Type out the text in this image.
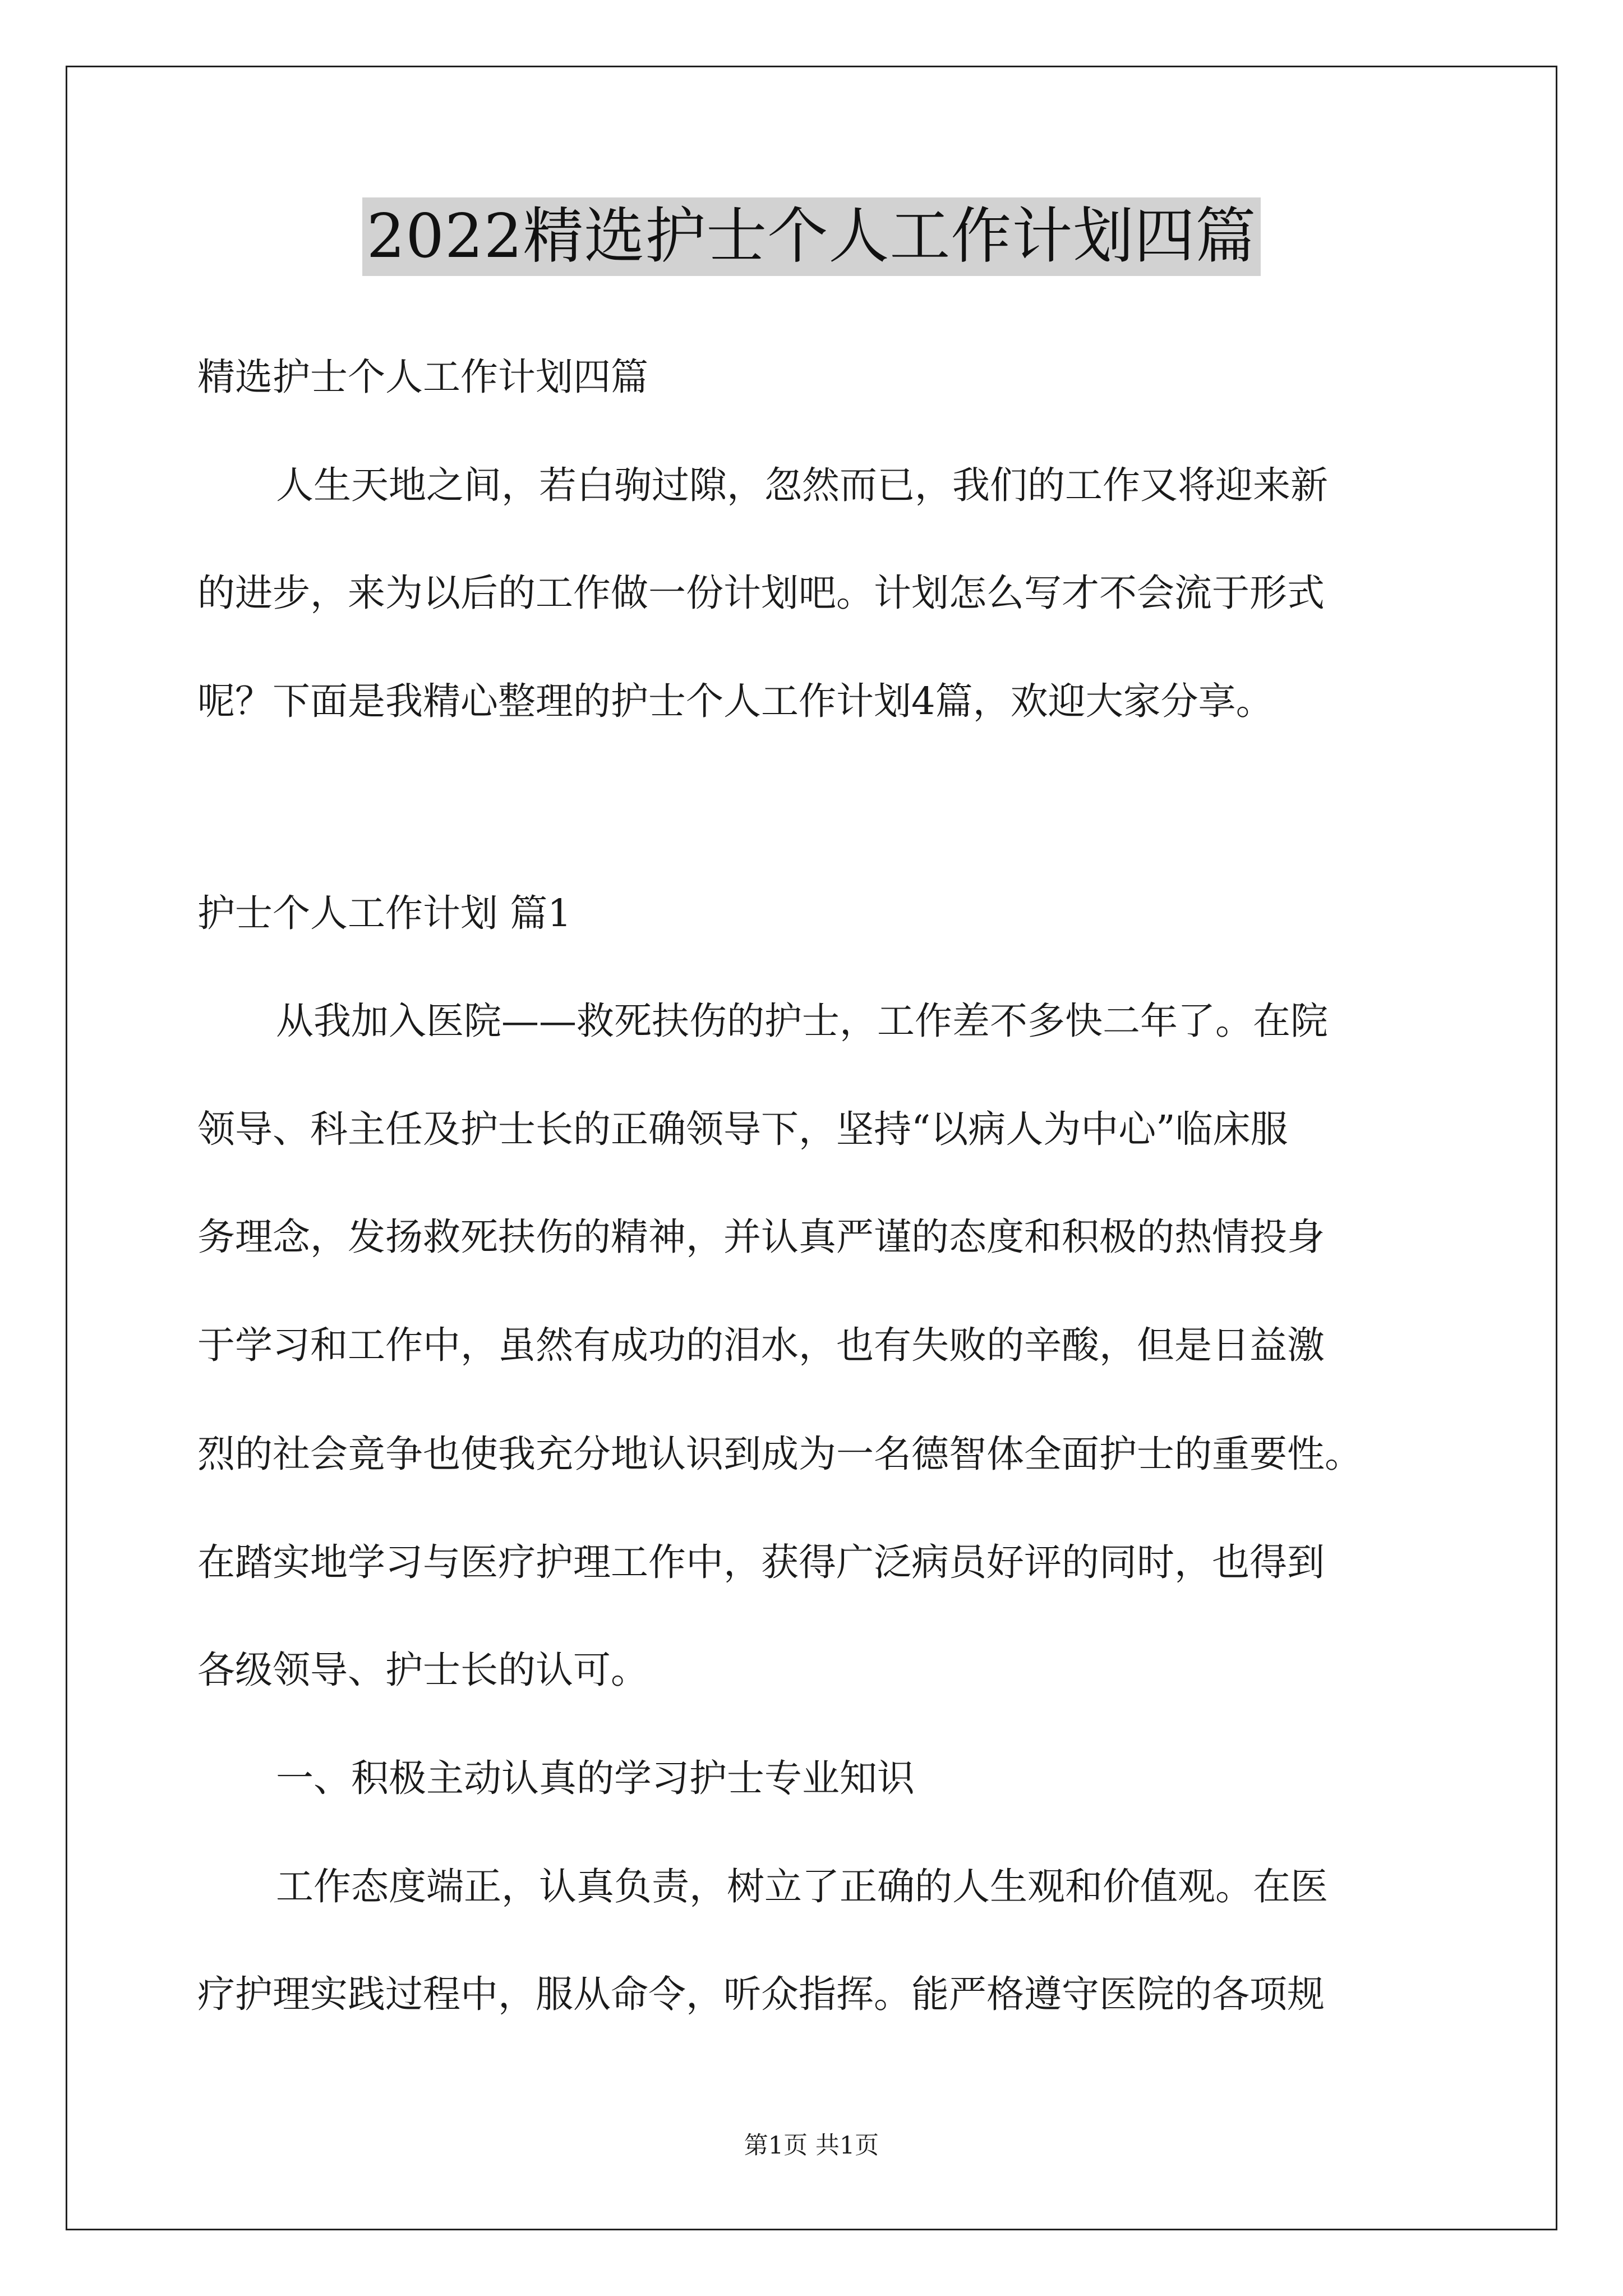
2022精选护士个人工作计划四篇
精选护士个人工作计划四篇
人生天地之间，若白驹过隙，忽然而已，我们的工作又将迎来新
的进步，来为以后的工作做一份计划吧。计划怎么写才不会流于形式
呢？下面是我精心整理的护士个人工作计划4篇，欢迎大家分享。
护士个人工作计划 篇1
从我加入医院——救死扶伤的护士，工作差不多快二年了。在院
领导、科主任及护士长的正确领导下，坚持“以病人为中心”临床服
务理念，发扬救死扶伤的精神，并认真严谨的态度和积极的热情投身
于学习和工作中，虽然有成功的泪水，也有失败的辛酸，但是日益激
烈的社会竟争也使我充分地认识到成为一名德智体全面护士的重要性。
在踏实地学习与医疗护理工作中，获得广泛病员好评的同时，也得到
各级领导、护士长的认可。
一、积极主动认真的学习护士专业知识
工作态度端正，认真负责，树立了正确的人生观和价值观。在医
疗护理实践过程中，服从命令，听众指挥。能严格遵守医院的各项规
第1页 共1页
